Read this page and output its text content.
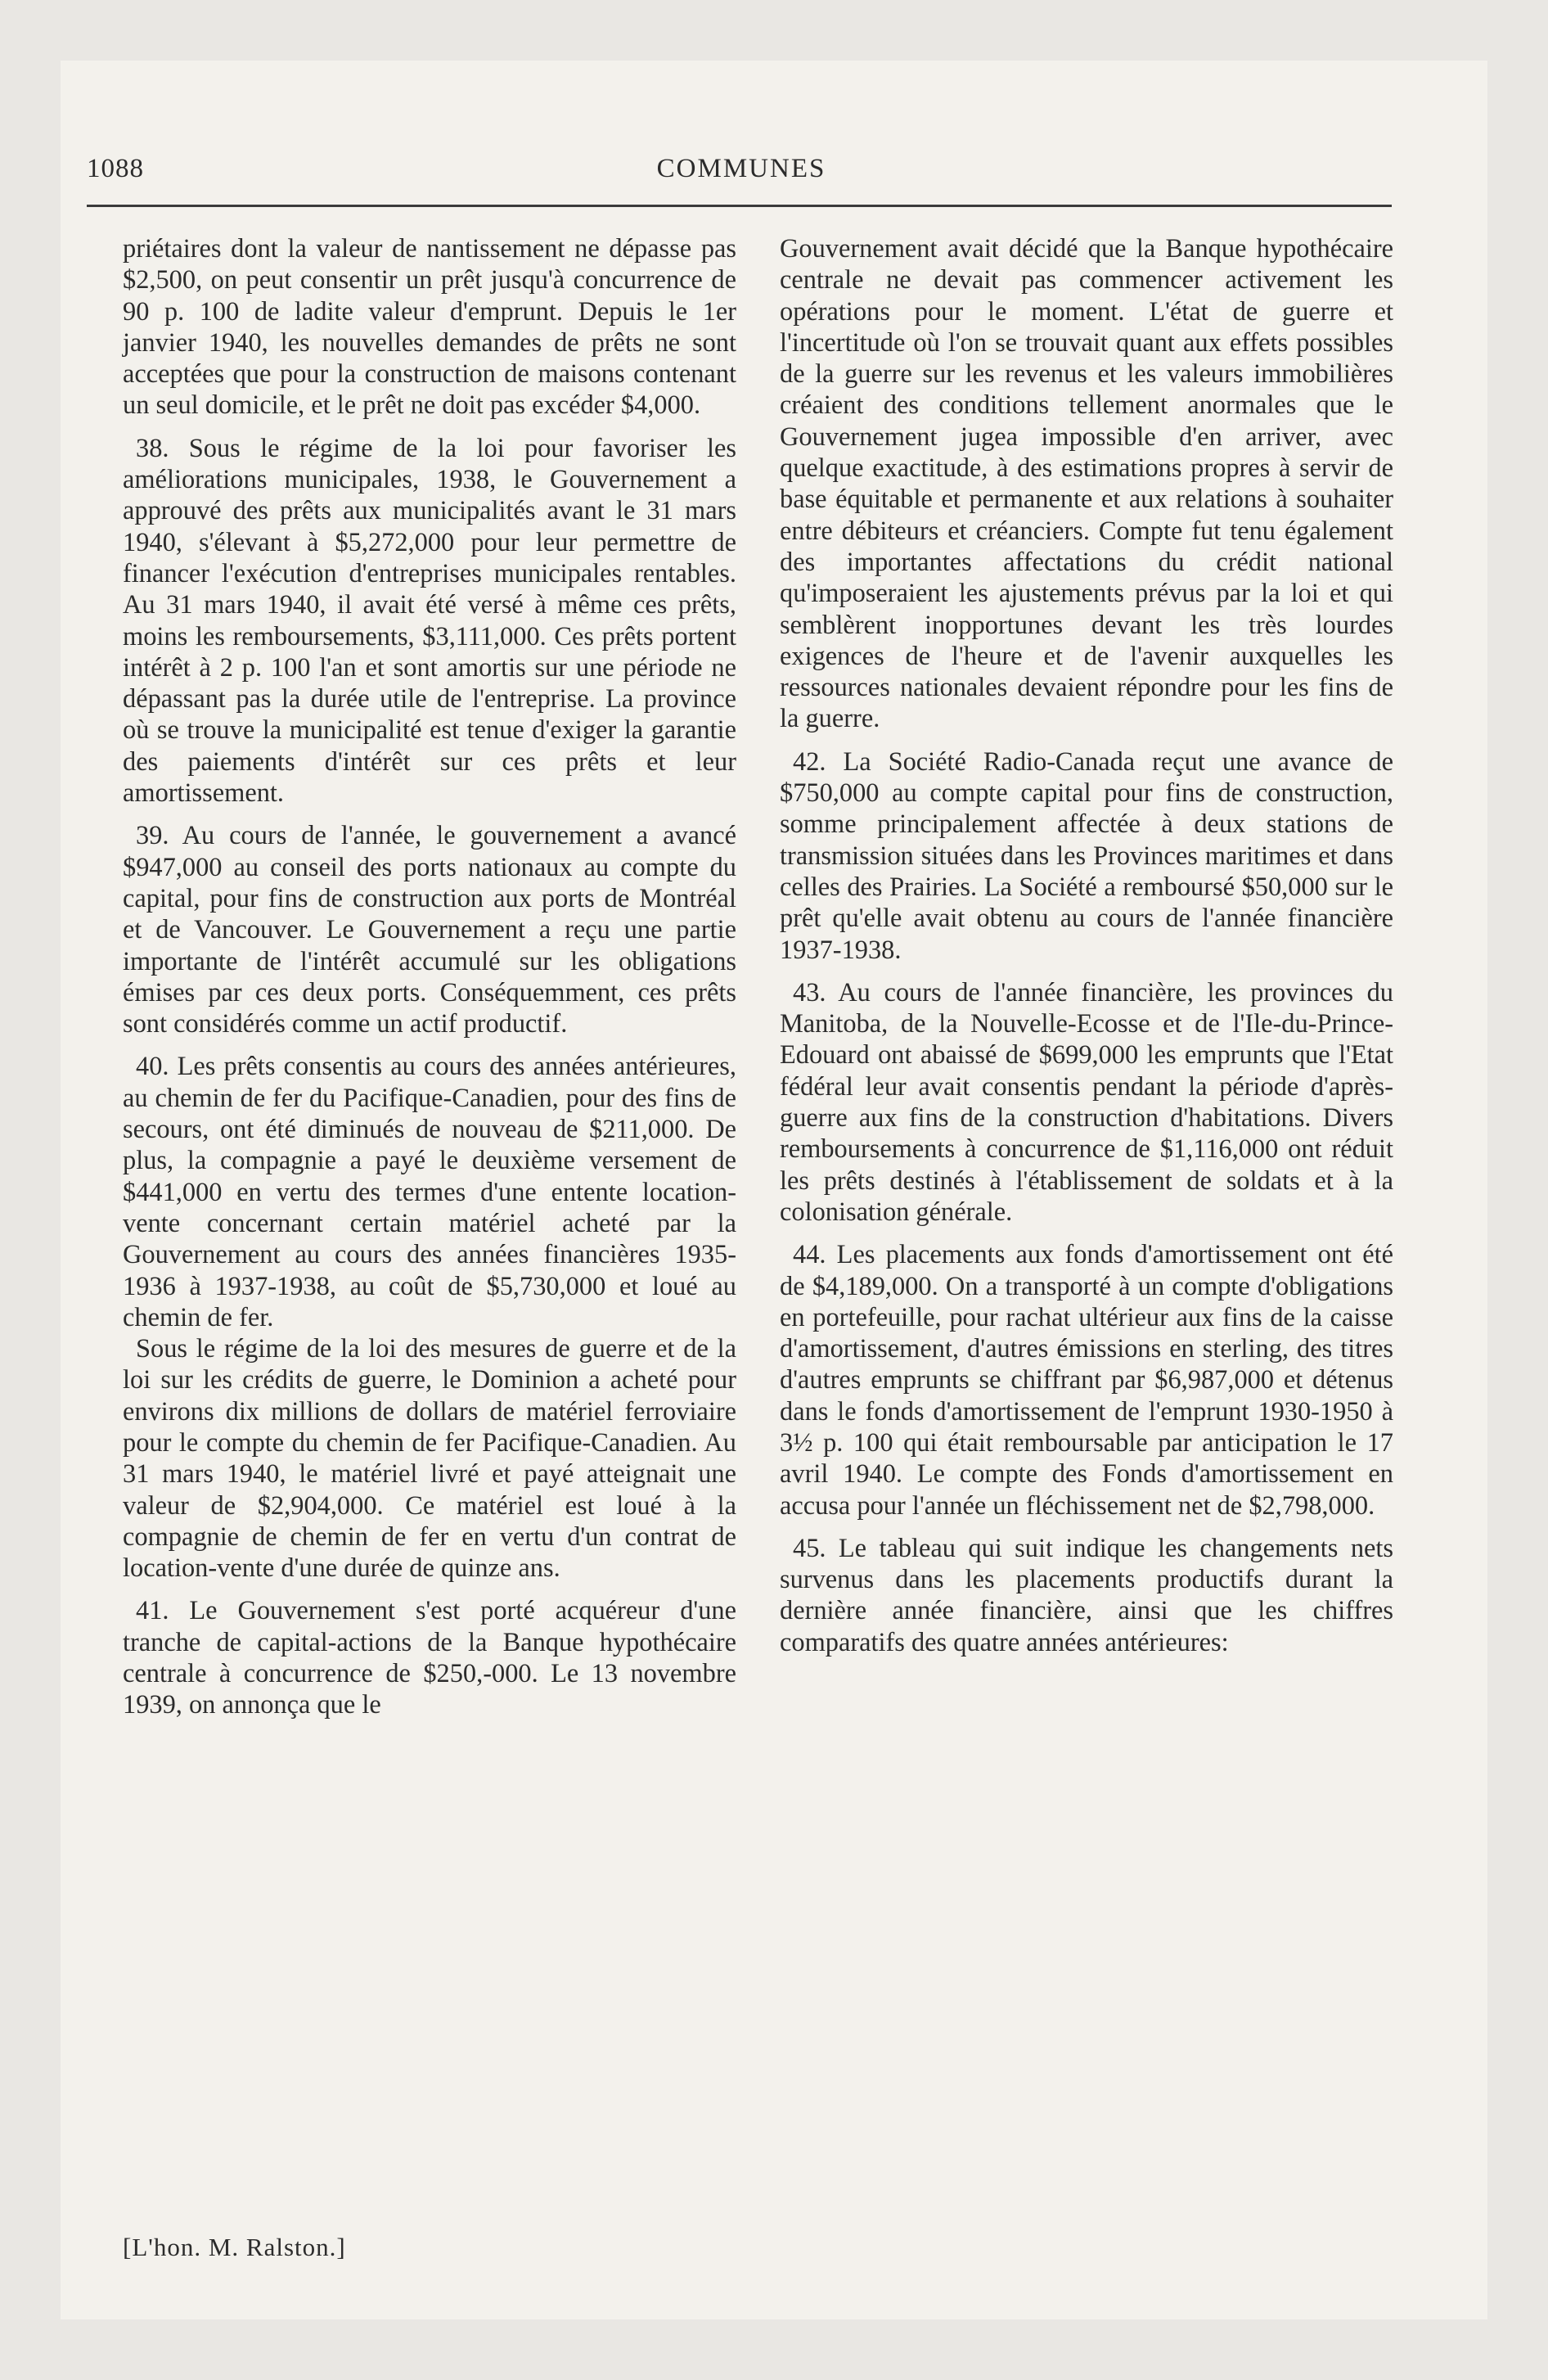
1088	COMMUNES

priétaires dont la valeur de nantissement ne dépasse pas $2,500, on peut consentir un prêt jusqu'à concurrence de 90 p. 100 de ladite valeur d'emprunt. Depuis le 1er janvier 1940, les nouvelles demandes de prêts ne sont acceptées que pour la construction de maisons contenant un seul domicile, et le prêt ne doit pas excéder $4,000.

38. Sous le régime de la loi pour favoriser les améliorations municipales, 1938, le Gouvernement a approuvé des prêts aux municipalités avant le 31 mars 1940, s'élevant à $5,272,000 pour leur permettre de financer l'exécution d'entreprises municipales rentables. Au 31 mars 1940, il avait été versé à même ces prêts, moins les remboursements, $3,111,000. Ces prêts portent intérêt à 2 p. 100 l'an et sont amortis sur une période ne dépassant pas la durée utile de l'entreprise. La province où se trouve la municipalité est tenue d'exiger la garantie des paiements d'intérêt sur ces prêts et leur amortissement.

39. Au cours de l'année, le gouvernement a avancé $947,000 au conseil des ports nationaux au compte du capital, pour fins de construction aux ports de Montréal et de Vancouver. Le Gouvernement a reçu une partie importante de l'intérêt accumulé sur les obligations émises par ces deux ports. Conséquemment, ces prêts sont considérés comme un actif productif.

40. Les prêts consentis au cours des années antérieures, au chemin de fer du Pacifique-Canadien, pour des fins de secours, ont été diminués de nouveau de $211,000. De plus, la compagnie a payé le deuxième versement de $441,000 en vertu des termes d'une entente location-vente concernant certain matériel acheté par la Gouvernement au cours des années financières 1935-1936 à 1937-1938, au coût de $5,730,000 et loué au chemin de fer.

Sous le régime de la loi des mesures de guerre et de la loi sur les crédits de guerre, le Dominion a acheté pour environs dix millions de dollars de matériel ferroviaire pour le compte du chemin de fer Pacifique-Canadien. Au 31 mars 1940, le matériel livré et payé atteignait une valeur de $2,904,000. Ce matériel est loué à la compagnie de chemin de fer en vertu d'un contrat de location-vente d'une durée de quinze ans.

41. Le Gouvernement s'est porté acquéreur d'une tranche de capital-actions de la Banque hypothécaire centrale à concurrence de $250,-000. Le 13 novembre 1939, on annonça que le

Gouvernement avait décidé que la Banque hypothécaire centrale ne devait pas commencer activement les opérations pour le moment. L'état de guerre et l'incertitude où l'on se trouvait quant aux effets possibles de la guerre sur les revenus et les valeurs immobilières créaient des conditions tellement anormales que le Gouvernement jugea impossible d'en arriver, avec quelque exactitude, à des estimations propres à servir de base équitable et permanente et aux relations à souhaiter entre débiteurs et créanciers. Compte fut tenu également des importantes affectations du crédit national qu'imposeraient les ajustements prévus par la loi et qui semblèrent inopportunes devant les très lourdes exigences de l'heure et de l'avenir auxquelles les ressources nationales devaient répondre pour les fins de la guerre.

42. La Société Radio-Canada reçut une avance de $750,000 au compte capital pour fins de construction, somme principalement affectée à deux stations de transmission situées dans les Provinces maritimes et dans celles des Prairies. La Société a remboursé $50,000 sur le prêt qu'elle avait obtenu au cours de l'année financière 1937-1938.

43. Au cours de l'année financière, les provinces du Manitoba, de la Nouvelle-Ecosse et de l'Ile-du-Prince-Edouard ont abaissé de $699,000 les emprunts que l'Etat fédéral leur avait consentis pendant la période d'après-guerre aux fins de la construction d'habitations. Divers remboursements à concurrence de $1,116,000 ont réduit les prêts destinés à l'établissement de soldats et à la colonisation générale.

44. Les placements aux fonds d'amortissement ont été de $4,189,000. On a transporté à un compte d'obligations en portefeuille, pour rachat ultérieur aux fins de la caisse d'amortissement, d'autres émissions en sterling, des titres d'autres emprunts se chiffrant par $6,987,000 et détenus dans le fonds d'amortissement de l'emprunt 1930-1950 à 3½ p. 100 qui était remboursable par anticipation le 17 avril 1940. Le compte des Fonds d'amortissement en accusa pour l'année un fléchissement net de $2,798,000.

45. Le tableau qui suit indique les changements nets survenus dans les placements productifs durant la dernière année financière, ainsi que les chiffres comparatifs des quatre années antérieures:

[L'hon. M. Ralston.]
